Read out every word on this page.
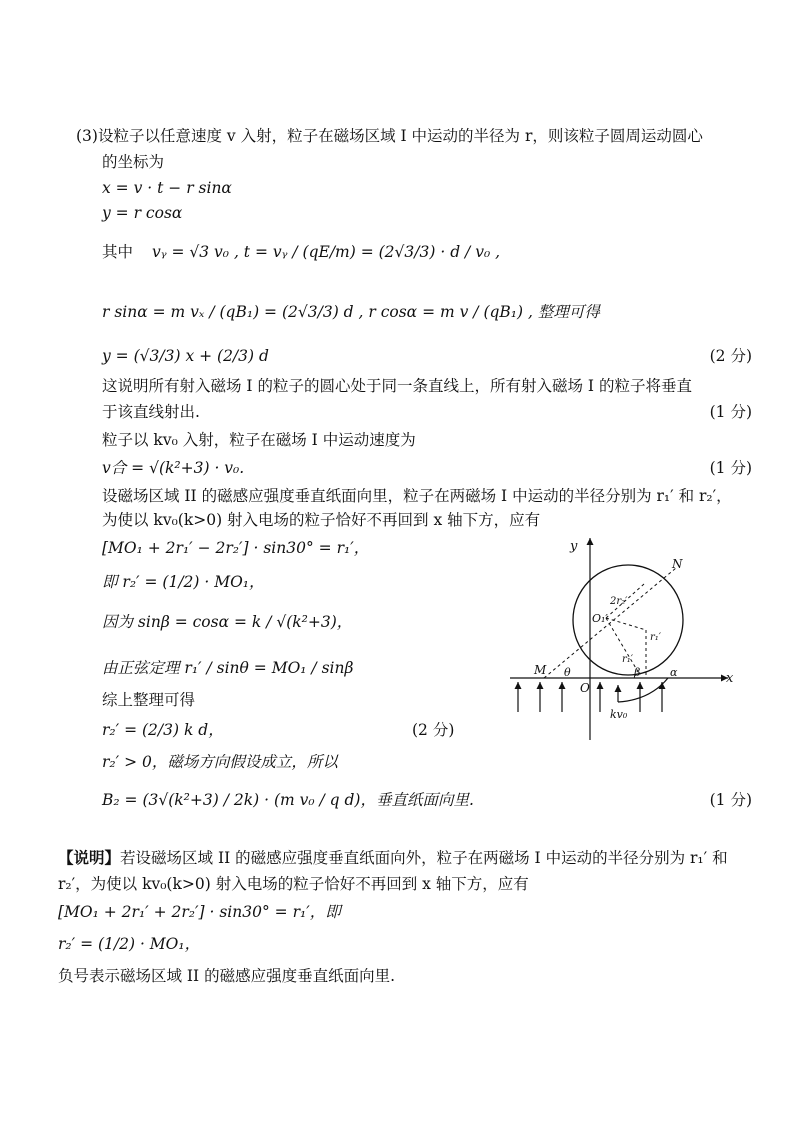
(3)设粒子以任意速度 v 入射，粒子在磁场区域 I 中运动的半径为 r，则该粒子圆周运动圆心
的坐标为
x = v · t − r sinα
y = r cosα
其中 vᵧ = √3 v₀ , t = vᵧ / (qE/m) = (2√3/3) · d / v₀ ,
r sinα = m vₓ / (qB₁) = (2√3/3) d , r cosα = m v / (qB₁) , 整理可得
y = (√3/3) x + (2/3) d	(2 分)
这说明所有射入磁场 I 的粒子的圆心处于同一条直线上，所有射入磁场 I 的粒子将垂直
于该直线射出.	(1 分)
粒子以 kv₀ 入射，粒子在磁场 I 中运动速度为
v合 = √(k²+3) · v₀.	(1 分)
设磁场区域 II 的磁感应强度垂直纸面向里，粒子在两磁场 I 中运动的半径分别为 r₁′ 和 r₂′，
为使以 kv₀(k>0) 射入电场的粒子恰好不再回到 x 轴下方，应有
[MO₁ + 2r₁′ − 2r₂′] · sin30° = r₁′，
即 r₂′ = (1/2) · MO₁，
因为 sinβ = cosα = k / √(k²+3)，
由正弦定理 r₁′ / sinθ = MO₁ / sinβ
综上整理可得
r₂′ = (2/3) k d，	(2 分)
r₂′ > 0，磁场方向假设成立，所以
B₂ = (3√(k²+3) / 2k) · (m v₀ / q d)，垂直纸面向里.	(1 分)
【说明】若设磁场区域 II 的磁感应强度垂直纸面向外，粒子在两磁场 I 中运动的半径分别为 r₁′ 和
r₂′，为使以 kv₀(k>0) 射入电场的粒子恰好不再回到 x 轴下方，应有
[MO₁ + 2r₁′ + 2r₂′] · sin30° = r₁′，即
r₂′ = (1/2) · MO₁，
负号表示磁场区域 II 的磁感应强度垂直纸面向里.
y
x
O
N
M θ
O₁′
2r₂′
r₁′
r₁′
β	α
kv₀
